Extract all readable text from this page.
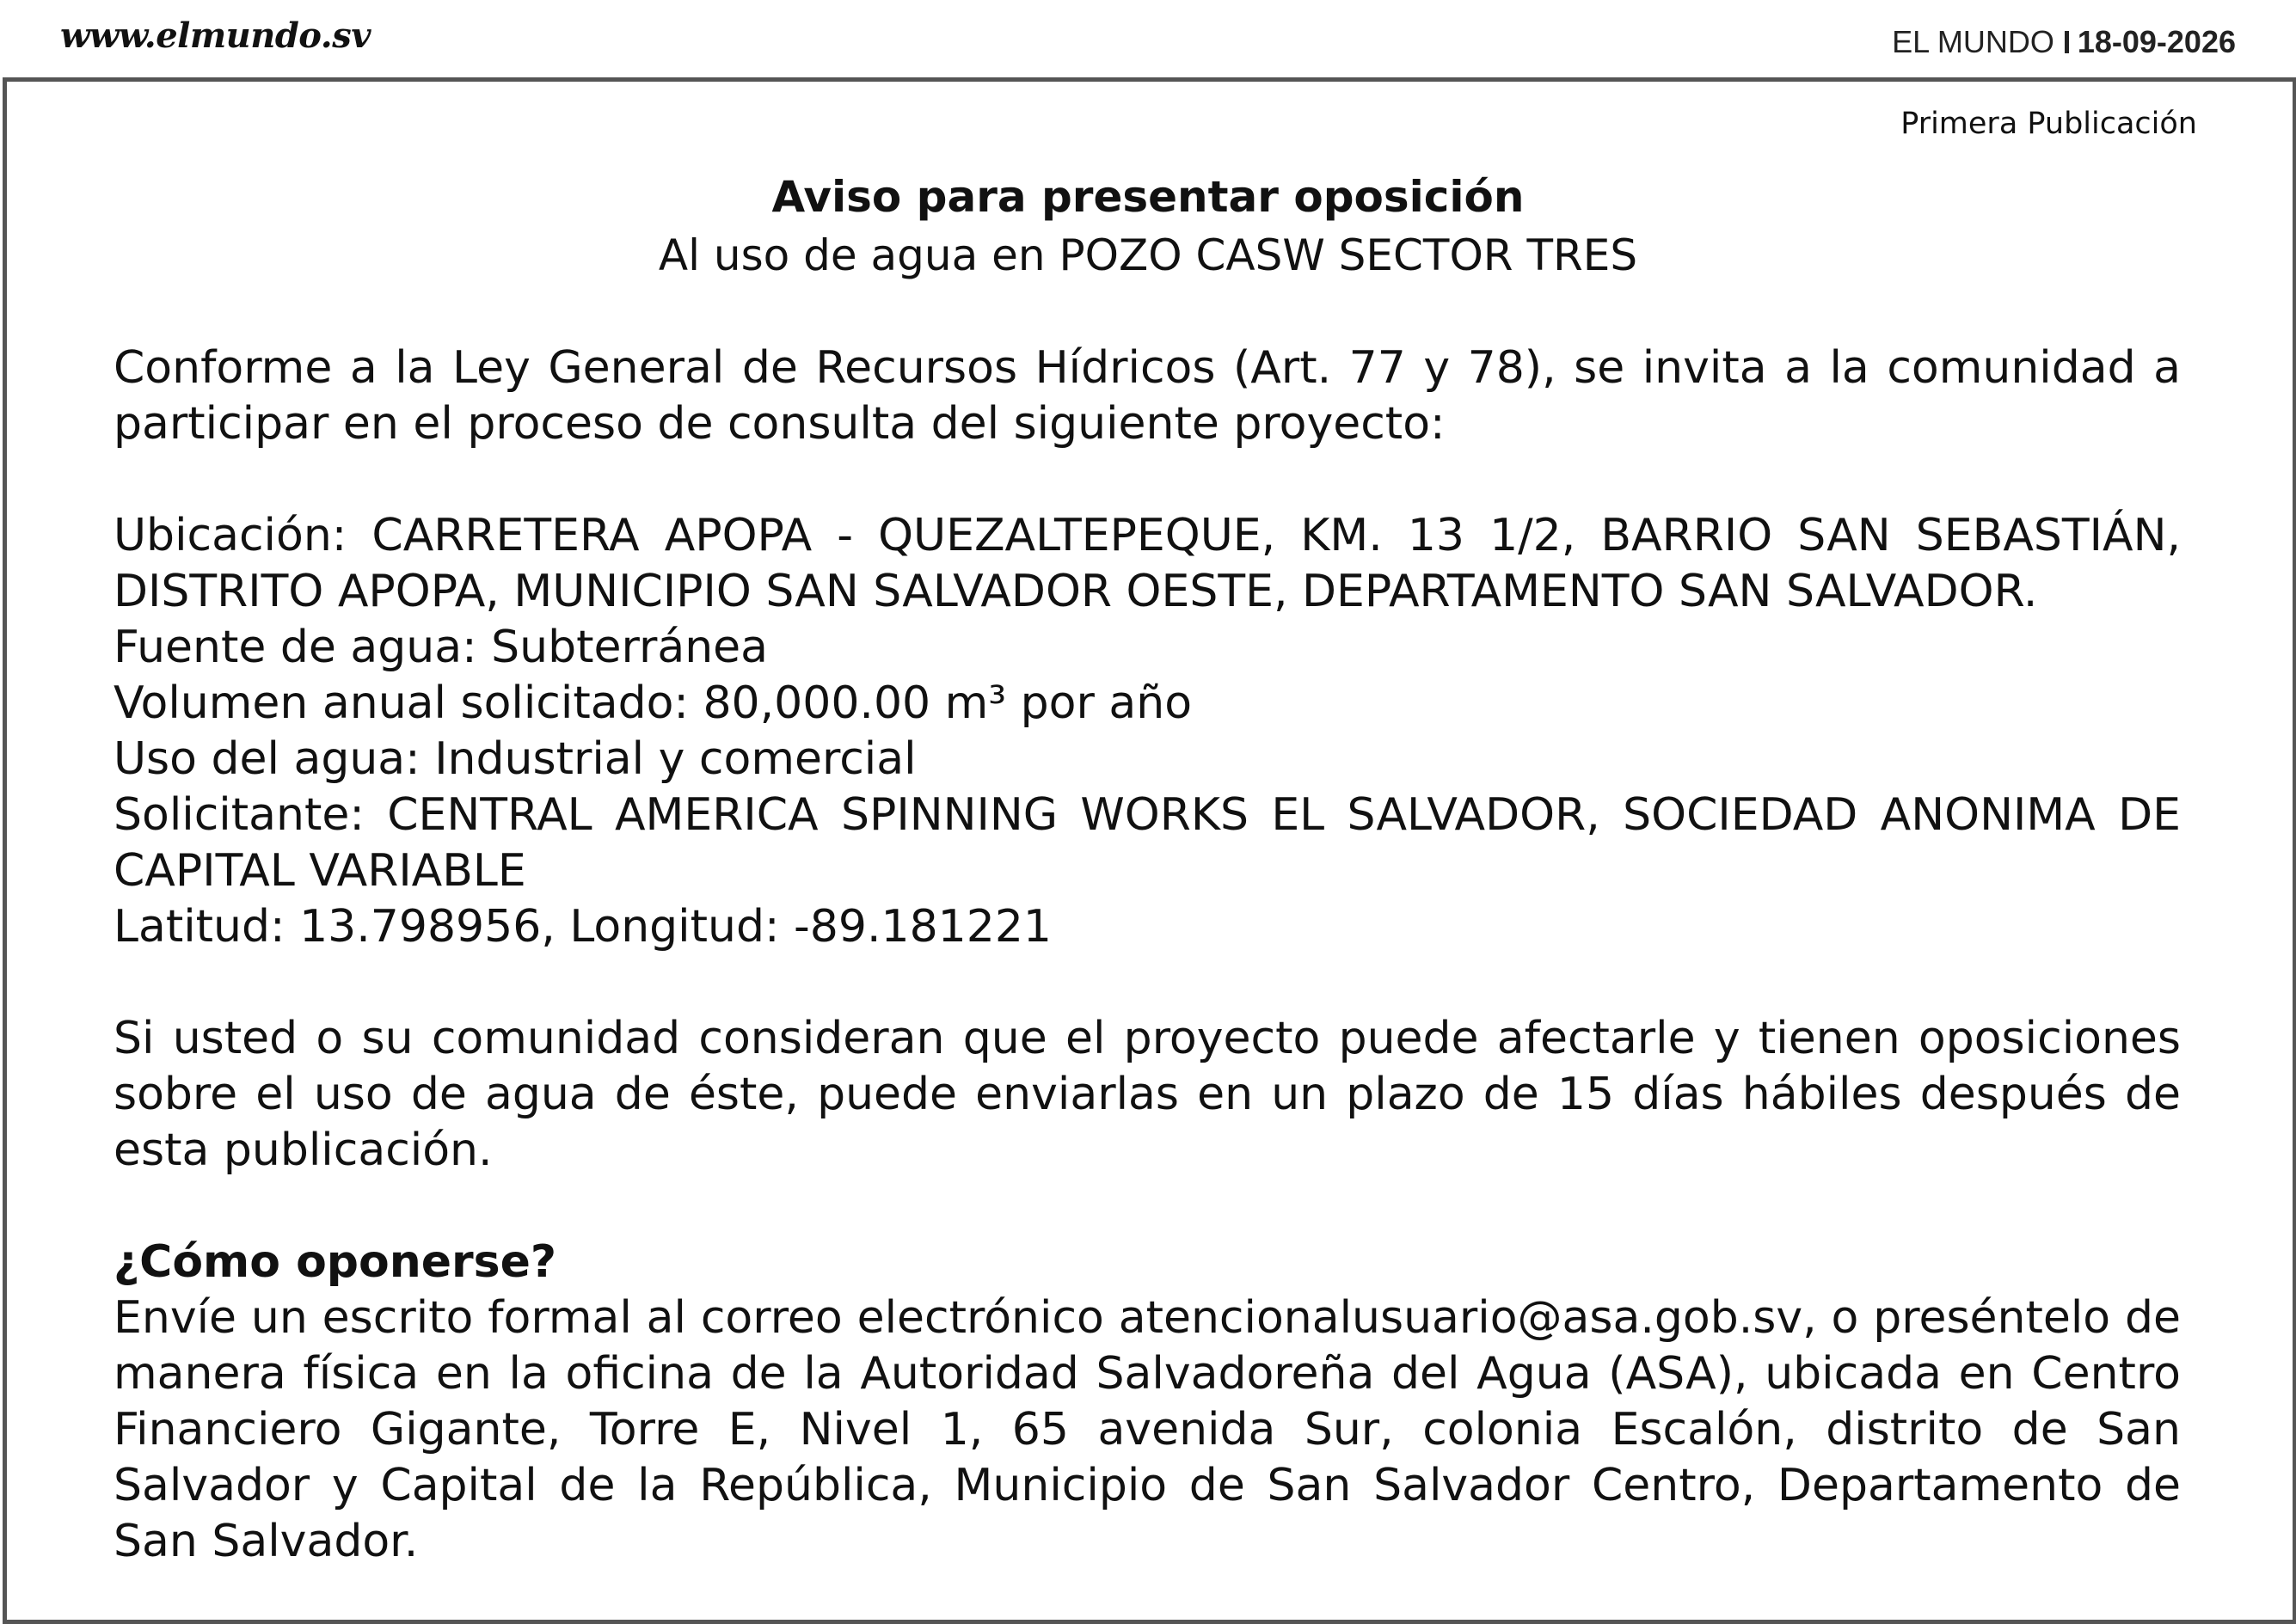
www.elmundo.sv	EL MUNDO 18-09-2026
Primera Publicación
Aviso para presentar oposición
Al uso de agua en POZO CASW SECTOR TRES

Conforme a la Ley General de Recursos Hídricos (Art. 77 y 78), se invita a la comunidad a participar en el proceso de consulta del siguiente proyecto:

Ubicación: CARRETERA APOPA - QUEZALTEPEQUE, KM. 13 1/2, BARRIO SAN SEBASTIÁN, DISTRITO APOPA, MUNICIPIO SAN SALVADOR OESTE, DEPARTAMENTO SAN SALVADOR.

Fuente de agua: Subterránea
Volumen anual solicitado: 80,000.00 m³ por año
Uso del agua: Industrial y comercial

Solicitante: CENTRAL AMERICA SPINNING WORKS EL SALVADOR, SOCIEDAD ANONIMA DE CAPITAL VARIABLE

Latitud: 13.798956, Longitud: -89.181221

Si usted o su comunidad consideran que el proyecto puede afectarle y tienen oposiciones sobre el uso de agua de éste, puede enviarlas en un plazo de 15 días hábiles después de esta publicación.

¿Cómo oponerse?

Envíe un escrito formal al correo electrónico atencionalusuario@asa.gob.sv, o preséntelo de manera física en la oficina de la Autoridad Salvadoreña del Agua (ASA), ubicada en Centro Financiero Gigante, Torre E, Nivel 1, 65 avenida Sur, colonia Escalón, distrito de San Salvador y Capital de la República, Municipio de San Salvador Centro, Departamento de San Salvador.
